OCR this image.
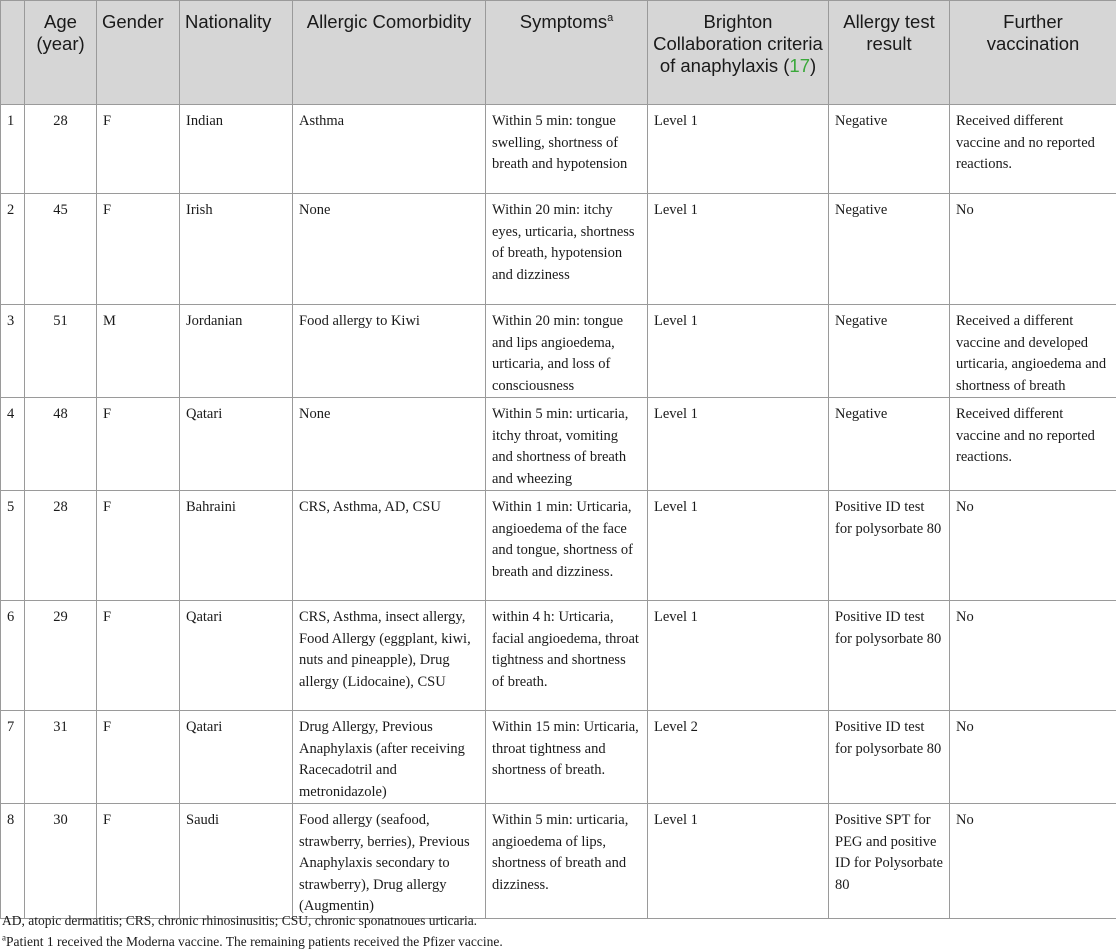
	Age (year)	Gender	Nationality	Allergic Comorbidity	Symptoms$^a$	Brighton Collaboration criteria of anaphylaxis (17)	Allergy test result	Further vaccination
1	28	F	Indian	Asthma	Within 5 min: tongue swelling, shortness of breath and hypotension	Level 1	Negative	Received different vaccine and no reported reactions.
2	45	F	Irish	None	Within 20 min: itchy eyes, urticaria, shortness of breath, hypotension and dizziness	Level 1	Negative	No
3	51	M	Jordanian	Food allergy to Kiwi	Within 20 min: tongue and lips angioedema, urticaria, and loss of consciousness	Level 1	Negative	Received a different vaccine and developed urticaria, angioedema and shortness of breath
4	48	F	Qatari	None	Within 5 min: urticaria, itchy throat, vomiting and shortness of breath and wheezing	Level 1	Negative	Received different vaccine and no reported reactions.
5	28	F	Bahraini	CRS, Asthma, AD, CSU	Within 1 min: Urticaria, angioedema of the face and tongue, shortness of breath and dizziness.	Level 1	Positive ID test for polysorbate 80	No
6	29	F	Qatari	CRS, Asthma, insect allergy, Food Allergy (eggplant, kiwi, nuts and pineapple), Drug allergy (Lidocaine), CSU	within 4 h: Urticaria, facial angioedema, throat tightness and shortness of breath.	Level 1	Positive ID test for polysorbate 80	No
7	31	F	Qatari	Drug Allergy, Previous Anaphylaxis (after receiving Racecadotril and metronidazole)	Within 15 min: Urticaria, throat tightness and shortness of breath.	Level 2	Positive ID test for polysorbate 80	No
8	30	F	Saudi	Food allergy (seafood, strawberry, berries), Previous Anaphylaxis secondary to strawberry), Drug allergy (Augmentin)	Within 5 min: urticaria, angioedema of lips, shortness of breath and dizziness.	Level 1	Positive SPT for PEG and positive ID for Polysorbate 80	No

AD, atopic dermatitis; CRS, chronic rhinosinusitis; CSU, chronic sponatnoues urticaria.

$^a$Patient 1 received the Moderna vaccine. The remaining patients received the Pfizer vaccine.
